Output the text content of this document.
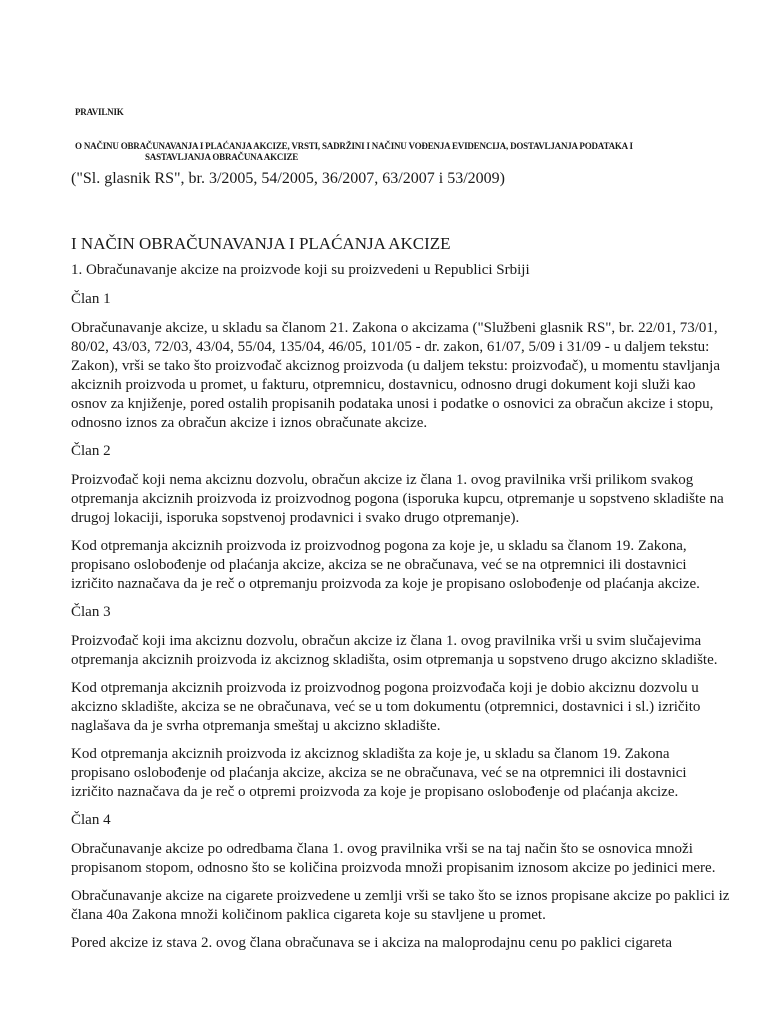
PRAVILNIK
O NAČINU OBRAČUNAVANJA I PLAĆANJA AKCIZE, VRSTI, SADRŽINI I NAČINU VOĐENJA EVIDENCIJA, DOSTAVLJANJA PODATAKA I
SASTAVLJANJA OBRAČUNA AKCIZE
("Sl. glasnik RS", br. 3/2005, 54/2005, 36/2007, 63/2007 i 53/2009)

I NAČIN OBRAČUNAVANJA I PLAĆANJA AKCIZE

1. Obračunavanje akcize na proizvode koji su proizvedeni u Republici Srbiji

Član 1

Obračunavanje akcize, u skladu sa članom 21. Zakona o akcizama ("Službeni glasnik RS", br. 22/01, 73/01, 80/02, 43/03, 72/03, 43/04, 55/04, 135/04, 46/05, 101/05 - dr. zakon, 61/07, 5/09 i 31/09 - u daljem tekstu: Zakon), vrši se tako što proizvođač akciznog proizvoda (u daljem tekstu: proizvođač), u momentu stavljanja akciznih proizvoda u promet, u fakturu, otpremnicu, dostavnicu, odnosno drugi dokument koji služi kao osnov za knjiženje, pored ostalih propisanih podataka unosi i podatke o osnovici za obračun akcize i stopu, odnosno iznos za obračun akcize i iznos obračunate akcize.

Član 2

Proizvođač koji nema akciznu dozvolu, obračun akcize iz člana 1. ovog pravilnika vrši prilikom svakog otpremanja akciznih proizvoda iz proizvodnog pogona (isporuka kupcu, otpremanje u sopstveno skladište na drugoj lokaciji, isporuka sopstvenoj prodavnici i svako drugo otpremanje).

Kod otpremanja akciznih proizvoda iz proizvodnog pogona za koje je, u skladu sa članom 19. Zakona, propisano oslobođenje od plaćanja akcize, akciza se ne obračunava, već se na otpremnici ili dostavnici izričito naznačava da je reč o otpremanju proizvoda za koje je propisano oslobođenje od plaćanja akcize.

Član 3

Proizvođač koji ima akciznu dozvolu, obračun akcize iz člana 1. ovog pravilnika vrši u svim slučajevima otpremanja akciznih proizvoda iz akciznog skladišta, osim otpremanja u sopstveno drugo akcizno skladište.

Kod otpremanja akciznih proizvoda iz proizvodnog pogona proizvođača koji je dobio akciznu dozvolu u akcizno skladište, akciza se ne obračunava, već se u tom dokumentu (otpremnici, dostavnici i sl.) izričito naglašava da je svrha otpremanja smeštaj u akcizno skladište.

Kod otpremanja akciznih proizvoda iz akciznog skladišta za koje je, u skladu sa članom 19. Zakona propisano oslobođenje od plaćanja akcize, akciza se ne obračunava, već se na otpremnici ili dostavnici izričito naznačava da je reč o otpremi proizvoda za koje je propisano oslobođenje od plaćanja akcize.

Član 4

Obračunavanje akcize po odredbama člana 1. ovog pravilnika vrši se na taj način što se osnovica množi propisanom stopom, odnosno što se količina proizvoda množi propisanim iznosom akcize po jedinici mere.

Obračunavanje akcize na cigarete proizvedene u zemlji vrši se tako što se iznos propisane akcize po paklici iz člana 40a Zakona množi količinom paklica cigareta koje su stavljene u promet.

Pored akcize iz stava 2. ovog člana obračunava se i akciza na maloprodajnu cenu po paklici cigareta
